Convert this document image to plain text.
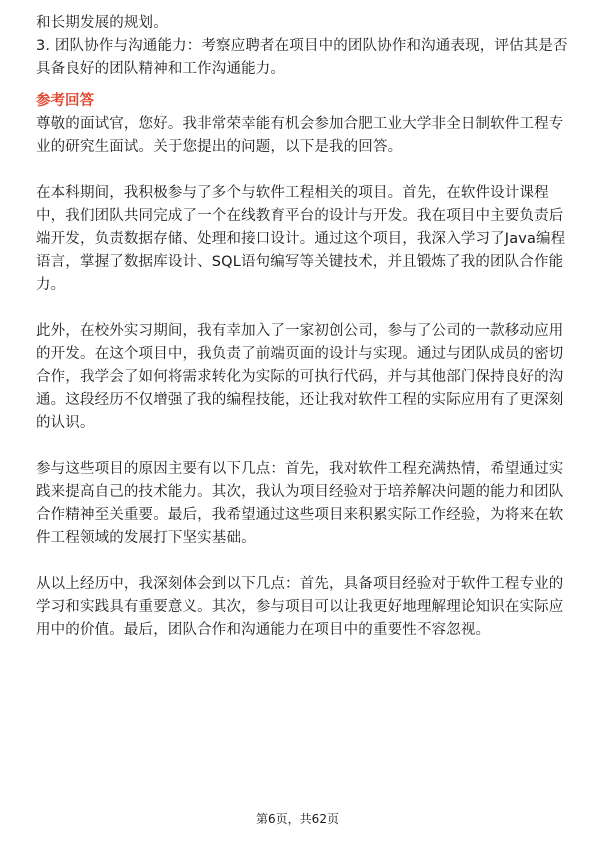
和长期发展的规划。
3. 团队协作与沟通能力：考察应聘者在项目中的团队协作和沟通表现，评估其是否
具备良好的团队精神和工作沟通能力。
参考回答
尊敬的面试官，您好。我非常荣幸能有机会参加合肥工业大学非全日制软件工程专
业的研究生面试。关于您提出的问题，以下是我的回答。
在本科期间，我积极参与了多个与软件工程相关的项目。首先，在软件设计课程
中，我们团队共同完成了一个在线教育平台的设计与开发。我在项目中主要负责后
端开发，负责数据存储、处理和接口设计。通过这个项目，我深入学习了Java编程
语言，掌握了数据库设计、SQL语句编写等关键技术，并且锻炼了我的团队合作能
力。
此外，在校外实习期间，我有幸加入了一家初创公司，参与了公司的一款移动应用
的开发。在这个项目中，我负责了前端页面的设计与实现。通过与团队成员的密切
合作，我学会了如何将需求转化为实际的可执行代码，并与其他部门保持良好的沟
通。这段经历不仅增强了我的编程技能，还让我对软件工程的实际应用有了更深刻
的认识。
参与这些项目的原因主要有以下几点：首先，我对软件工程充满热情，希望通过实
践来提高自己的技术能力。其次，我认为项目经验对于培养解决问题的能力和团队
合作精神至关重要。最后，我希望通过这些项目来积累实际工作经验，为将来在软
件工程领域的发展打下坚实基础。
从以上经历中，我深刻体会到以下几点：首先，具备项目经验对于软件工程专业的
学习和实践具有重要意义。其次，参与项目可以让我更好地理解理论知识在实际应
用中的价值。最后，团队合作和沟通能力在项目中的重要性不容忽视。
第6页，共62页
